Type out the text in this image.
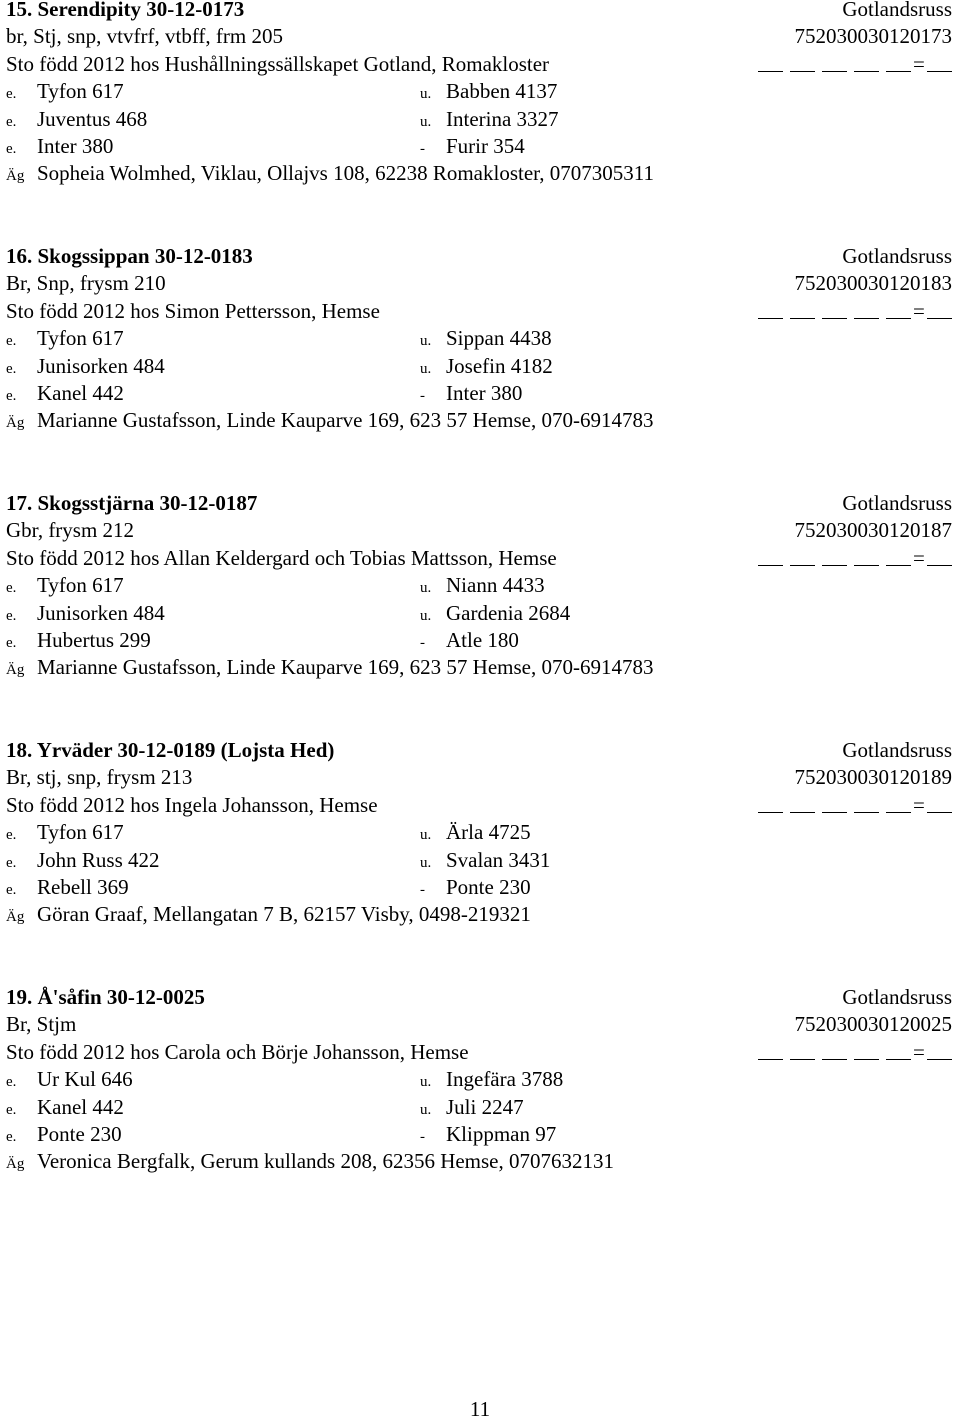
15. Serendipity 30-12-0173	Gotlandsruss
br, Stj, snp, vtvfrf, vtbff, frm 205	752030030120173
Sto född 2012 hos Hushållningssällskapet Gotland, Romakloster	=
e. Tyfon 617	u. Babben 4137
e. Juventus 468	u. Interina 3327
e. Inter 380	- Furir 354
Äg Sopheia Wolmhed, Viklau, Ollajvs 108, 62238 Romakloster, 0707305311
16. Skogssippan 30-12-0183	Gotlandsruss
Br, Snp, frysm 210	752030030120183
Sto född 2012 hos Simon Pettersson, Hemse	=
e. Tyfon 617	u. Sippan 4438
e. Junisorken 484	u. Josefin 4182
e. Kanel 442	- Inter 380
Äg Marianne Gustafsson, Linde Kauparve 169, 623 57 Hemse, 070-6914783
17. Skogsstjärna 30-12-0187	Gotlandsruss
Gbr, frysm 212	752030030120187
Sto född 2012 hos Allan Keldergard och Tobias Mattsson, Hemse	=
e. Tyfon 617	u. Niann 4433
e. Junisorken 484	u. Gardenia 2684
e. Hubertus 299	- Atle 180
Äg Marianne Gustafsson, Linde Kauparve 169, 623 57 Hemse, 070-6914783
18. Yrväder 30-12-0189 (Lojsta Hed)	Gotlandsruss
Br, stj, snp, frysm 213	752030030120189
Sto född 2012 hos Ingela Johansson, Hemse	=
e. Tyfon 617	u. Ärla 4725
e. John Russ 422	u. Svalan 3431
e. Rebell 369	- Ponte 230
Äg Göran Graaf, Mellangatan 7 B, 62157 Visby, 0498-219321
19. Å'såfin 30-12-0025	Gotlandsruss
Br, Stjm	752030030120025
Sto född 2012 hos Carola och Börje Johansson, Hemse	=
e. Ur Kul 646	u. Ingefära 3788
e. Kanel 442	u. Juli 2247
e. Ponte 230	- Klippman 97
Äg Veronica Bergfalk, Gerum kullands 208, 62356 Hemse, 0707632131
11
